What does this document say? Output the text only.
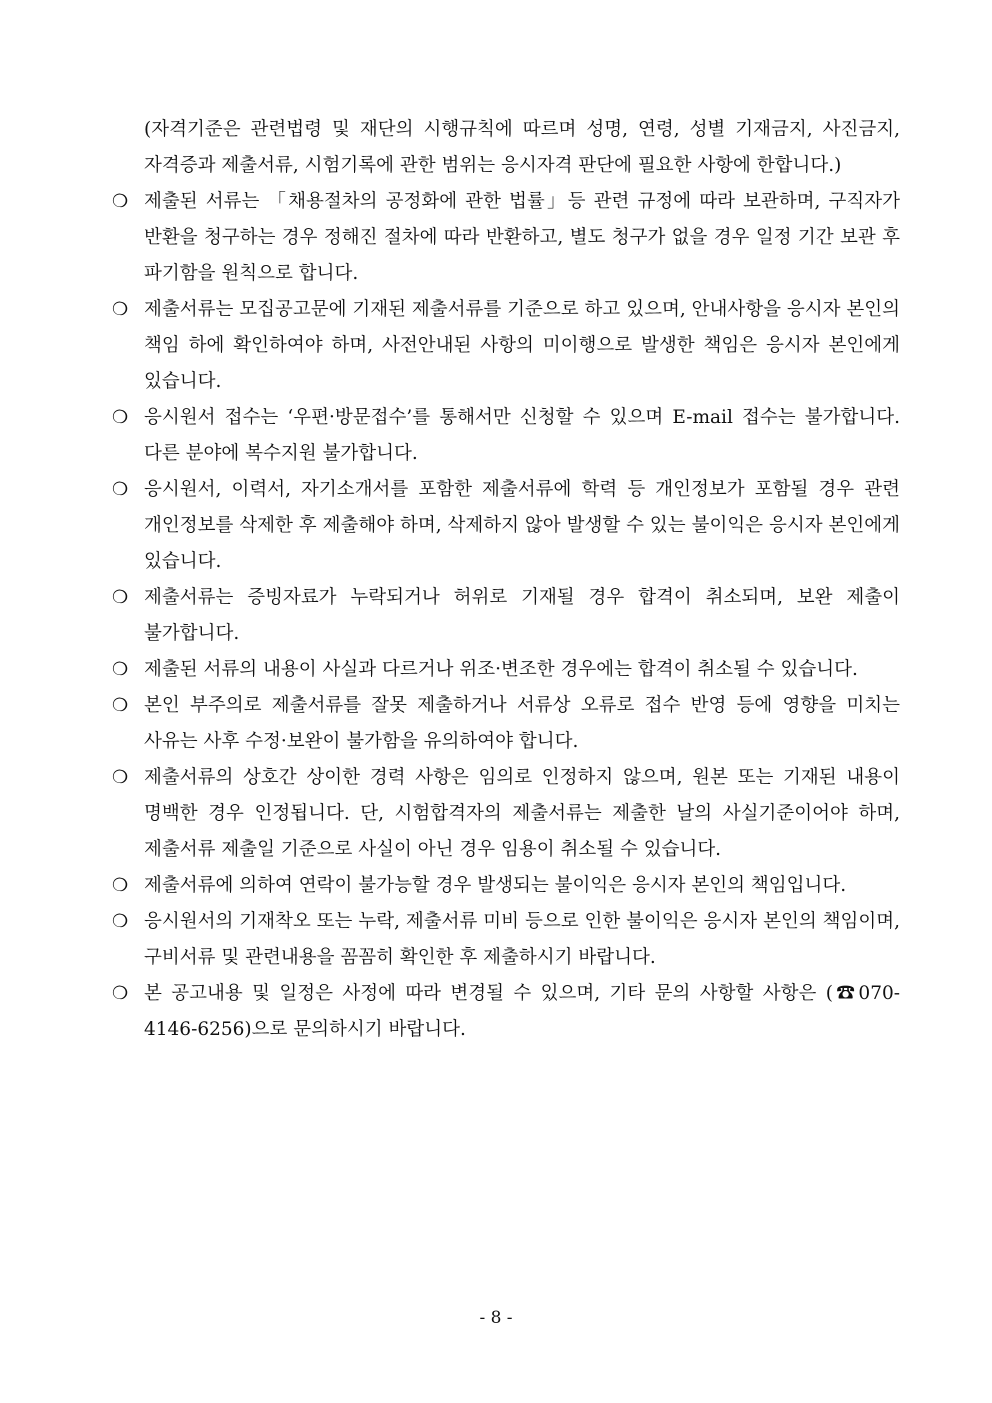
(자격기준은 관련법령 및 재단의 시행규칙에 따르며 성명, 연령, 성별 기재금지, 사진금지, 자격증과 제출서류, 시험기록에 관한 범위는 응시자격 판단에 필요한 사항에 한합니다.)

❍ 제출된 서류는 「채용절차의 공정화에 관한 법률」등 관련 규정에 따라 보관하며, 구직자가 반환을 청구하는 경우 정해진 절차에 따라 반환하고, 별도 청구가 없을 경우 일정 기간 보관 후 파기함을 원칙으로 합니다.
❍ 제출서류는 모집공고문에 기재된 제출서류를 기준으로 하고 있으며, 안내사항을 응시자 본인의 책임 하에 확인하여야 하며, 사전안내된 사항의 미이행으로 발생한 책임은 응시자 본인에게 있습니다.
❍ 응시원서 접수는 ‘우편·방문접수’를 통해서만 신청할 수 있으며 E-mail 접수는 불가합니다. 다른 분야에 복수지원 불가합니다.
❍ 응시원서, 이력서, 자기소개서를 포함한 제출서류에 학력 등 개인정보가 포함될 경우 관련 개인정보를 삭제한 후 제출해야 하며, 삭제하지 않아 발생할 수 있는 불이익은 응시자 본인에게 있습니다.
❍ 제출서류는 증빙자료가 누락되거나 허위로 기재될 경우 합격이 취소되며, 보완 제출이 불가합니다.
❍ 제출된 서류의 내용이 사실과 다르거나 위조·변조한 경우에는 합격이 취소될 수 있습니다.
❍ 본인 부주의로 제출서류를 잘못 제출하거나 서류상 오류로 접수 반영 등에 영향을 미치는 사유는 사후 수정·보완이 불가함을 유의하여야 합니다.
❍ 제출서류의 상호간 상이한 경력 사항은 임의로 인정하지 않으며, 원본 또는 기재된 내용이 명백한 경우 인정됩니다. 단, 시험합격자의 제출서류는 제출한 날의 사실기준이어야 하며, 제출서류 제출일 기준으로 사실이 아닌 경우 임용이 취소될 수 있습니다.
❍ 제출서류에 의하여 연락이 불가능할 경우 발생되는 불이익은 응시자 본인의 책임입니다.
❍ 응시원서의 기재착오 또는 누락, 제출서류 미비 등으로 인한 불이익은 응시자 본인의 책임이며, 구비서류 및 관련내용을 꼼꼼히 확인한 후 제출하시기 바랍니다.
❍ 본 공고내용 및 일정은 사정에 따라 변경될 수 있으며, 기타 문의 사항할 사항은 (☎070-4146-6256)으로 문의하시기 바랍니다.
- 8 -
